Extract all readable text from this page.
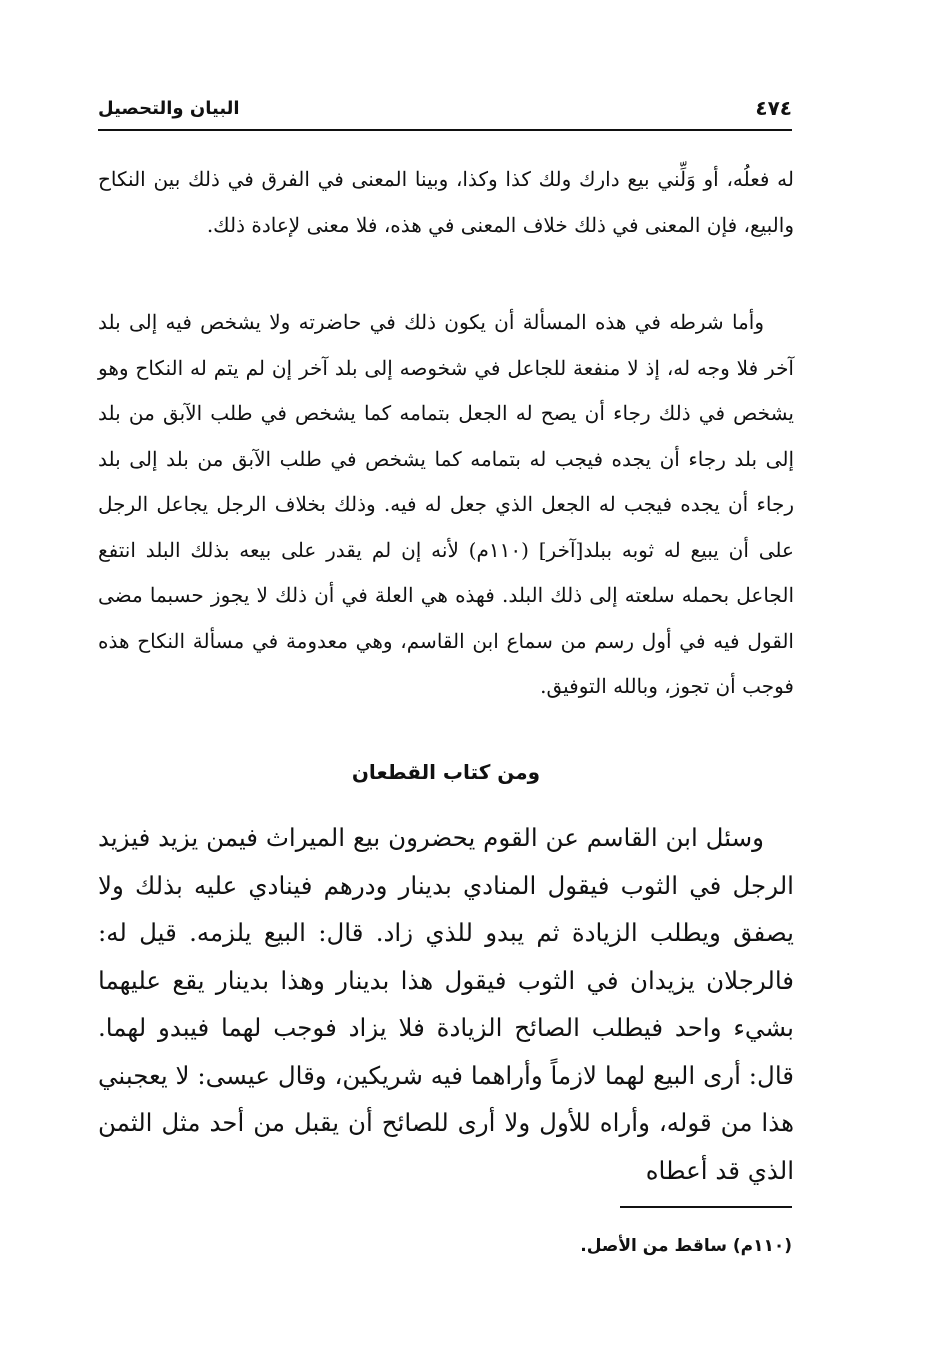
البيان والتحصيل	٤٧٤

له فعلُه، أو وَلِّني بيع دارك ولك كذا وكذا، وبينا المعنى في الفرق في ذلك بين النكاح والبيع، فإن المعنى في ذلك خلاف المعنى في هذه، فلا معنى لإعادة ذلك.

وأما شرطه في هذه المسألة أن يكون ذلك في حاضرته ولا يشخص فيه إلى بلد آخر فلا وجه له، إذ لا منفعة للجاعل في شخوصه إلى بلد آخر إن لم يتم له النكاح وهو يشخص في ذلك رجاء أن يصح له الجعل بتمامه كما يشخص في طلب الآبق من بلد إلى بلد رجاء أن يجده فيجب له بتمامه كما يشخص في طلب الآبق من بلد إلى بلد رجاء أن يجده فيجب له الجعل الذي جعل له فيه. وذلك بخلاف الرجل يجاعل الرجل على أن يبيع له ثوبه ببلد[آخر] (١١٠م) لأنه إن لم يقدر على بيعه بذلك البلد انتفع الجاعل بحمله سلعته إلى ذلك البلد. فهذه هي العلة في أن ذلك لا يجوز حسبما مضى القول فيه في أول رسم من سماع ابن القاسم، وهي معدومة في مسألة النكاح هذه فوجب أن تجوز، وبالله التوفيق.

ومن كتاب القطعان

وسئل ابن القاسم عن القوم يحضرون بيع الميراث فيمن يزيد فيزيد الرجل في الثوب فيقول المنادي بدينار ودرهم فينادي عليه بذلك ولا يصفق ويطلب الزيادة ثم يبدو للذي زاد. قال: البيع يلزمه. قيل له: فالرجلان يزيدان في الثوب فيقول هذا بدينار وهذا بدينار يقع عليهما بشيء واحد فيطلب الصائح الزيادة فلا يزاد فوجب لهما فيبدو لهما. قال: أرى البيع لهما لازماً وأراهما فيه شريكين، وقال عيسى: لا يعجبني هذا من قوله، وأراه للأول ولا أرى للصائح أن يقبل من أحد مثل الثمن الذي قد أعطاه

(١١٠م) ساقط من الأصل.
